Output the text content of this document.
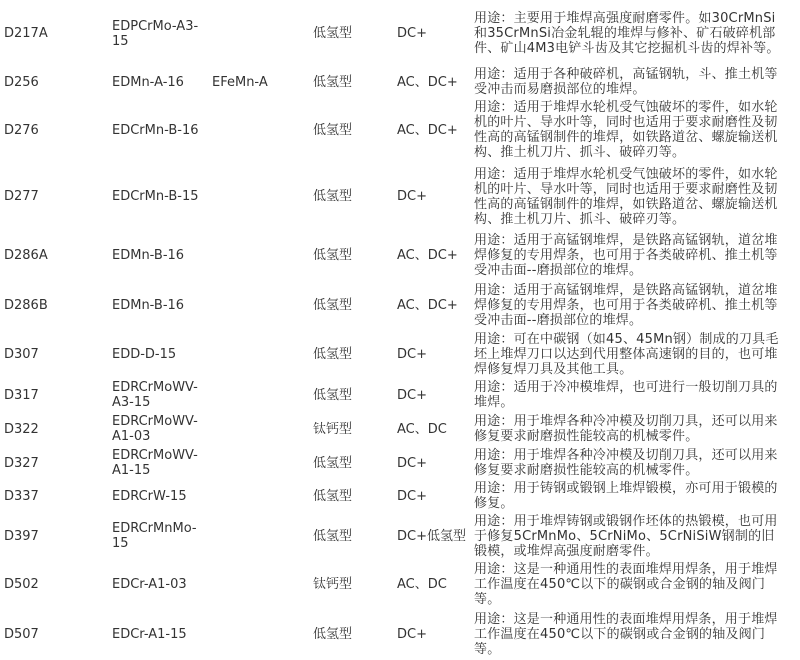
D217A	EDPCrMo-A3-15	低氢型	DC+
用途：主要用于堆焊高强度耐磨零件。如30CrMnSi和35CrMnSi冶金轧辊的堆焊与修补、矿石破碎机部件、矿山4M3电铲斗齿及其它挖掘机斗齿的焊补等。
D256	EDMn-A-16	EFeMn-A	低氢型	AC、DC+	用途：适用于各种破碎机，高锰钢轨，斗、推土机等受冲击而易磨损部位的堆焊。
D276	EDCrMn-B-16	低氢型	AC、DC+
用途：适用于堆焊水轮机受气蚀破坏的零件，如水轮机的叶片、导水叶等，同时也适用于要求耐磨性及韧性高的高锰钢制件的堆焊，如铁路道岔、螺旋输送机构、推土机刀片、抓斗、破碎刃等。
D277	EDCrMn-B-15	低氢型	DC+
用途：适用于堆焊水轮机受气蚀破坏的零件，如水轮机的叶片、导水叶等，同时也适用于要求耐磨性及韧性高的高锰钢制件的堆焊，如铁路道岔、螺旋输送机构、推土机刀片、抓斗、破碎刃等。
D286A	EDMn-B-16	低氢型	AC、DC+
用途：适用于高锰钢堆焊，是铁路高锰钢轨，道岔堆焊修复的专用焊条，也可用于各类破碎机、推土机等受冲击面--磨损部位的堆焊。
D286B	EDMn-B-16	低氢型	AC、DC+
用途：适用于高锰钢堆焊，是铁路高锰钢轨，道岔堆焊修复的专用焊条，也可用于各类破碎机、推土机等受冲击面--磨损部位的堆焊。
D307	EDD-D-15	低氢型	DC+
用途：可在中碳钢（如45、45Mn钢）制成的刀具毛坯上堆焊刀口以达到代用整体高速钢的目的，也可堆焊修复焊刀具及其他工具。
D317	EDRCrMoWV-A3-15	低氢型	DC+	用途：适用于冷冲模堆焊，也可进行一般切削刀具的堆焊。
D322	EDRCrMoWV-A1-03	钛钙型	AC、DC	用途：用于堆焊各种冷冲模及切削刀具，还可以用来修复要求耐磨损性能较高的机械零件。
D327	EDRCrMoWV-A1-15	低氢型	DC+	用途：用于堆焊各种冷冲模及切削刀具，还可以用来修复要求耐磨损性能较高的机械零件。
D337	EDRCrW-15	低氢型	DC+	用途：用于铸钢或锻钢上堆焊锻模，亦可用于锻模的修复。
D397	EDRCrMnMo-15	低氢型	DC+低氢型
用途：用于堆焊铸钢或锻钢作坯体的热锻模，也可用于修复5CrMnMo、5CrNiMo、5CrNiSiW钢制的旧锻模，或堆焊高强度耐磨零件。
D502	EDCr-A1-03	钛钙型	AC、DC
用途：这是一种通用性的表面堆焊用焊条，用于堆焊工作温度在450℃以下的碳钢或合金钢的轴及阀门等。
D507	EDCr-A1-15	低氢型	DC+
用途：这是一种通用性的表面堆焊用焊条，用于堆焊工作温度在450℃以下的碳钢或合金钢的轴及阀门等。
